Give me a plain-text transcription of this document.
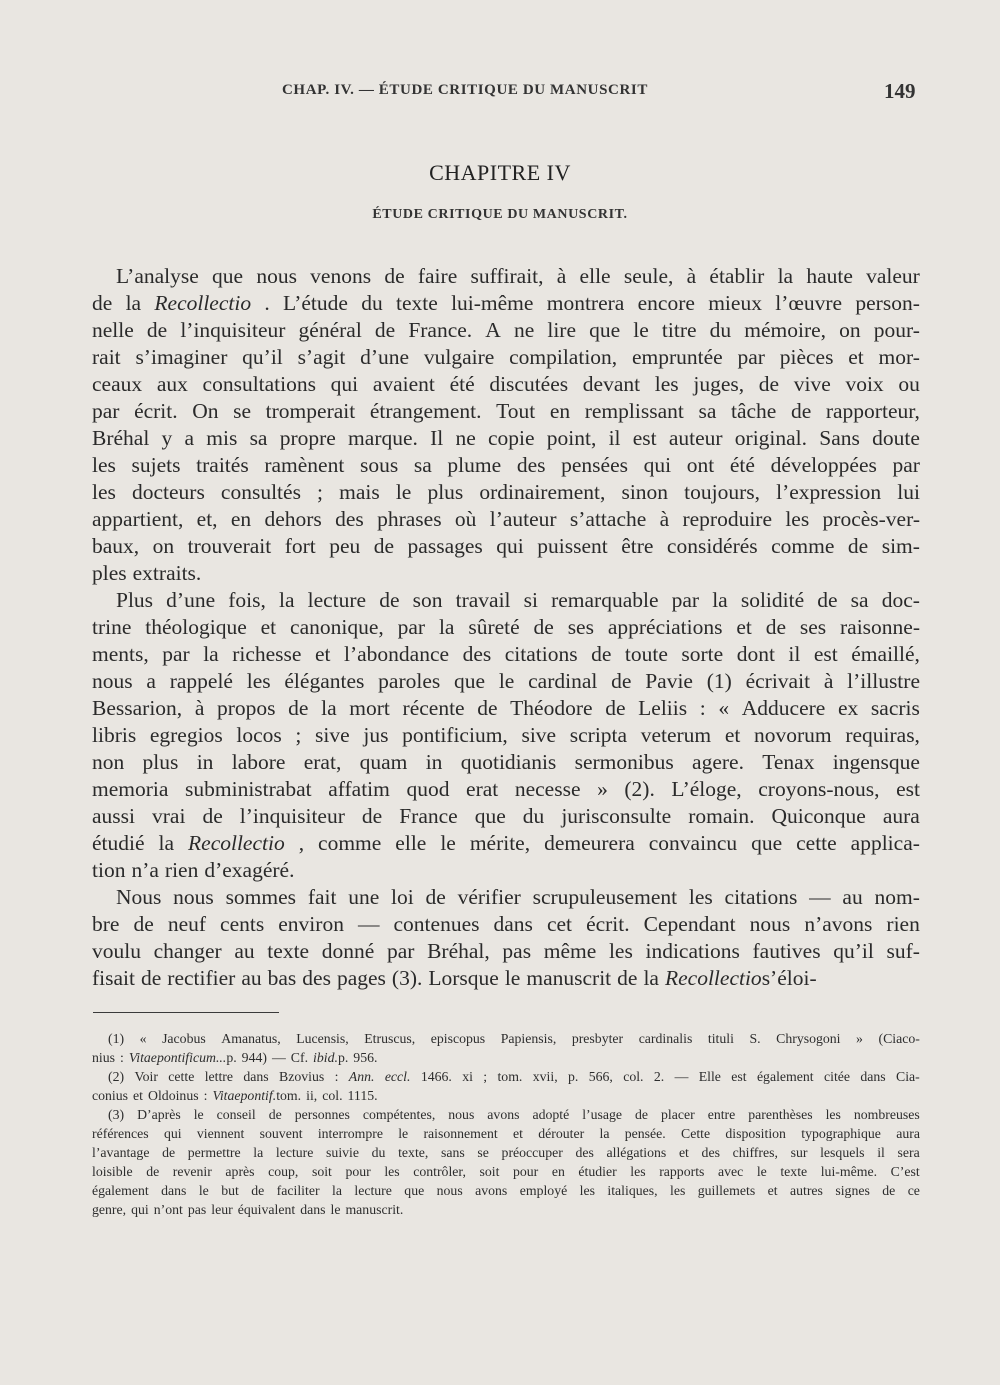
CHAP. IV. — ÉTUDE CRITIQUE DU MANUSCRIT	149
CHAPITRE IV
ÉTUDE CRITIQUE DU MANUSCRIT.
L’analyse que nous venons de faire suffirait, à elle seule, à établir la haute valeur
de la Recollectio . L’étude du texte lui-même montrera encore mieux l’œuvre person-
nelle de l’inquisiteur général de France. A ne lire que le titre du mémoire, on pour-
rait s’imaginer qu’il s’agit d’une vulgaire compilation, empruntée par pièces et mor-
ceaux aux consultations qui avaient été discutées devant les juges, de vive voix ou
par écrit. On se tromperait étrangement. Tout en remplissant sa tâche de rapporteur,
Bréhal y a mis sa propre marque. Il ne copie point, il est auteur original. Sans doute
les sujets traités ramènent sous sa plume des pensées qui ont été développées par
les docteurs consultés ; mais le plus ordinairement, sinon toujours, l’expression lui
appartient, et, en dehors des phrases où l’auteur s’attache à reproduire les procès-ver-
baux, on trouverait fort peu de passages qui puissent être considérés comme de sim-
ples extraits.
Plus d’une fois, la lecture de son travail si remarquable par la solidité de sa doc-
trine théologique et canonique, par la sûreté de ses appréciations et de ses raisonne-
ments, par la richesse et l’abondance des citations de toute sorte dont il est émaillé,
nous a rappelé les élégantes paroles que le cardinal de Pavie (1) écrivait à l’illustre
Bessarion, à propos de la mort récente de Théodore de Leliis : « Adducere ex sacris
libris egregios locos ; sive jus pontificium, sive scripta veterum et novorum requiras,
non plus in labore erat, quam in quotidianis sermonibus agere. Tenax ingensque
memoria subministrabat affatim quod erat necesse » (2). L’éloge, croyons-nous, est
aussi vrai de l’inquisiteur de France que du jurisconsulte romain. Quiconque aura
étudié la Recollectio , comme elle le mérite, demeurera convaincu que cette applica-
tion n’a rien d’exagéré.
Nous nous sommes fait une loi de vérifier scrupuleusement les citations — au nom-
bre de neuf cents environ — contenues dans cet écrit. Cependant nous n’avons rien
voulu changer au texte donné par Bréhal, pas même les indications fautives qu’il suf-
fisait de rectifier au bas des pages (3). Lorsque le manuscrit de la Recollectio s’éloi-
(1) « Jacobus Amanatus, Lucensis, Etruscus, episcopus Papiensis, presbyter cardinalis tituli S. Chrysogoni » (Ciaco-
nius : Vitae pontificum . . . p. 944) — Cf. ibid. p. 956.
(2) Voir cette lettre dans Bzovius : Ann. eccl. 1466. xi ; tom. xvii, p. 566, col. 2. — Elle est également citée dans Cia-
conius et Oldoinus : Vitae pontif. tom. ii, col. 1115.
(3) D’après le conseil de personnes compétentes, nous avons adopté l’usage de placer entre parenthèses les nombreuses
références qui viennent souvent interrompre le raisonnement et dérouter la pensée. Cette disposition typographique aura
l’avantage de permettre la lecture suivie du texte, sans se préoccuper des allégations et des chiffres, sur lesquels il sera
loisible de revenir après coup, soit pour les contrôler, soit pour en étudier les rapports avec le texte lui-même. C’est
également dans le but de faciliter la lecture que nous avons employé les italiques, les guillemets et autres signes de ce
genre, qui n’ont pas leur équivalent dans le manuscrit.
